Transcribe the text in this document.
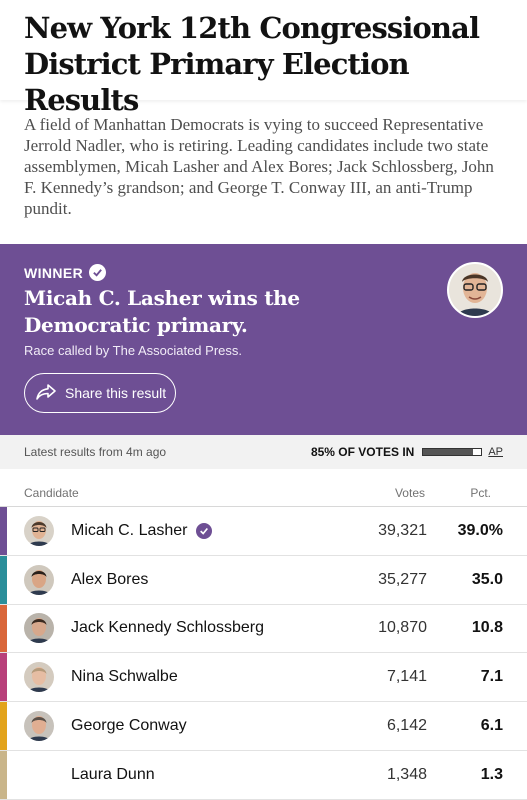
New York 12th Congressional District Primary Election Results

A field of Manhattan Democrats is vying to succeed Representative Jerrold Nadler, who is retiring. Leading candidates include two state assemblymen, Micah Lasher and Alex Bores; Jack Schlossberg, John F. Kennedy’s grandson; and George T. Conway III, an anti-Trump pundit.

WINNER
Micah C. Lasher wins the Democratic primary.
Race called by The Associated Press.
Share this result
Latest results from 4m ago	85% OF VOTES IN	AP
Candidate	Votes	Pct.
Micah C. Lasher	39,321	39.0%
Alex Bores	35,277	35.0
Jack Kennedy Schlossberg	10,870	10.8
Nina Schwalbe	7,141	7.1
George Conway	6,142	6.1
Laura Dunn	1,348	1.3
